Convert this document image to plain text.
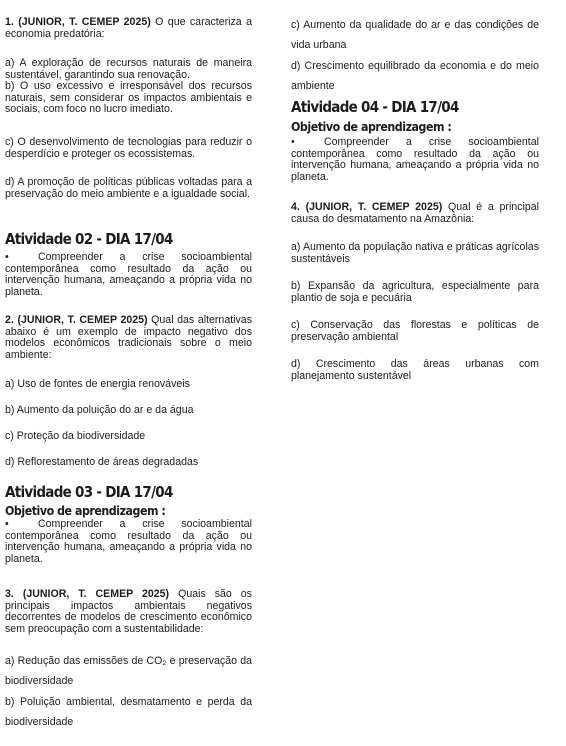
1. (JUNIOR, T. CEMEP 2025) O que caracteriza a economia predatória:
a) A exploração de recursos naturais de maneira sustentável, garantindo sua renovação.
b) O uso excessivo e irresponsável dos recursos naturais, sem considerar os impactos ambientais e sociais, com foco no lucro imediato.
c) O desenvolvimento de tecnologias para reduzir o desperdício e proteger os ecossistemas.
d) A promoção de políticas públicas voltadas para a preservação do meio ambiente e a igualdade social.
Atividade 02 - DIA 17/04
•	Compreender a crise socioambiental contemporânea como resultado da ação ou intervenção humana, ameaçando a própria vida no planeta.
2. (JUNIOR, T. CEMEP 2025) Qual das alternativas abaixo é um exemplo de impacto negativo dos modelos econômicos tradicionais sobre o meio ambiente:
a) Uso de fontes de energia renováveis
b) Aumento da poluição do ar e da água
c) Proteção da biodiversidade
d) Reflorestamento de áreas degradadas
Atividade 03 - DIA 17/04
Objetivo de aprendizagem :
•	Compreender a crise socioambiental contemporânea como resultado da ação ou intervenção humana, ameaçando a própria vida no planeta.
3. (JUNIOR, T. CEMEP 2025) Quais são os principais impactos ambientais negativos decorrentes de modelos de crescimento econômico sem preocupação com a sustentabilidade:
a) Redução das emissões de CO₂ e preservação da biodiversidade
b) Poluição ambiental, desmatamento e perda da biodiversidade
c) Aumento da qualidade do ar e das condições de vida urbana
d) Crescimento equilibrado da economia e do meio ambiente
Atividade 04 - DIA 17/04
Objetivo de aprendizagem :
•	Compreender a crise socioambiental contemporânea como resultado da ação ou intervenção humana, ameaçando a própria vida no planeta.
4. (JUNIOR, T. CEMEP 2025) Qual é a principal causa do desmatamento na Amazônia:
a) Aumento da população nativa e práticas agrícolas sustentáveis
b) Expansão da agricultura, especialmente para plantio de soja e pecuária
c) Conservação das florestas e políticas de preservação ambiental
d) Crescimento das áreas urbanas com planejamento sustentável
